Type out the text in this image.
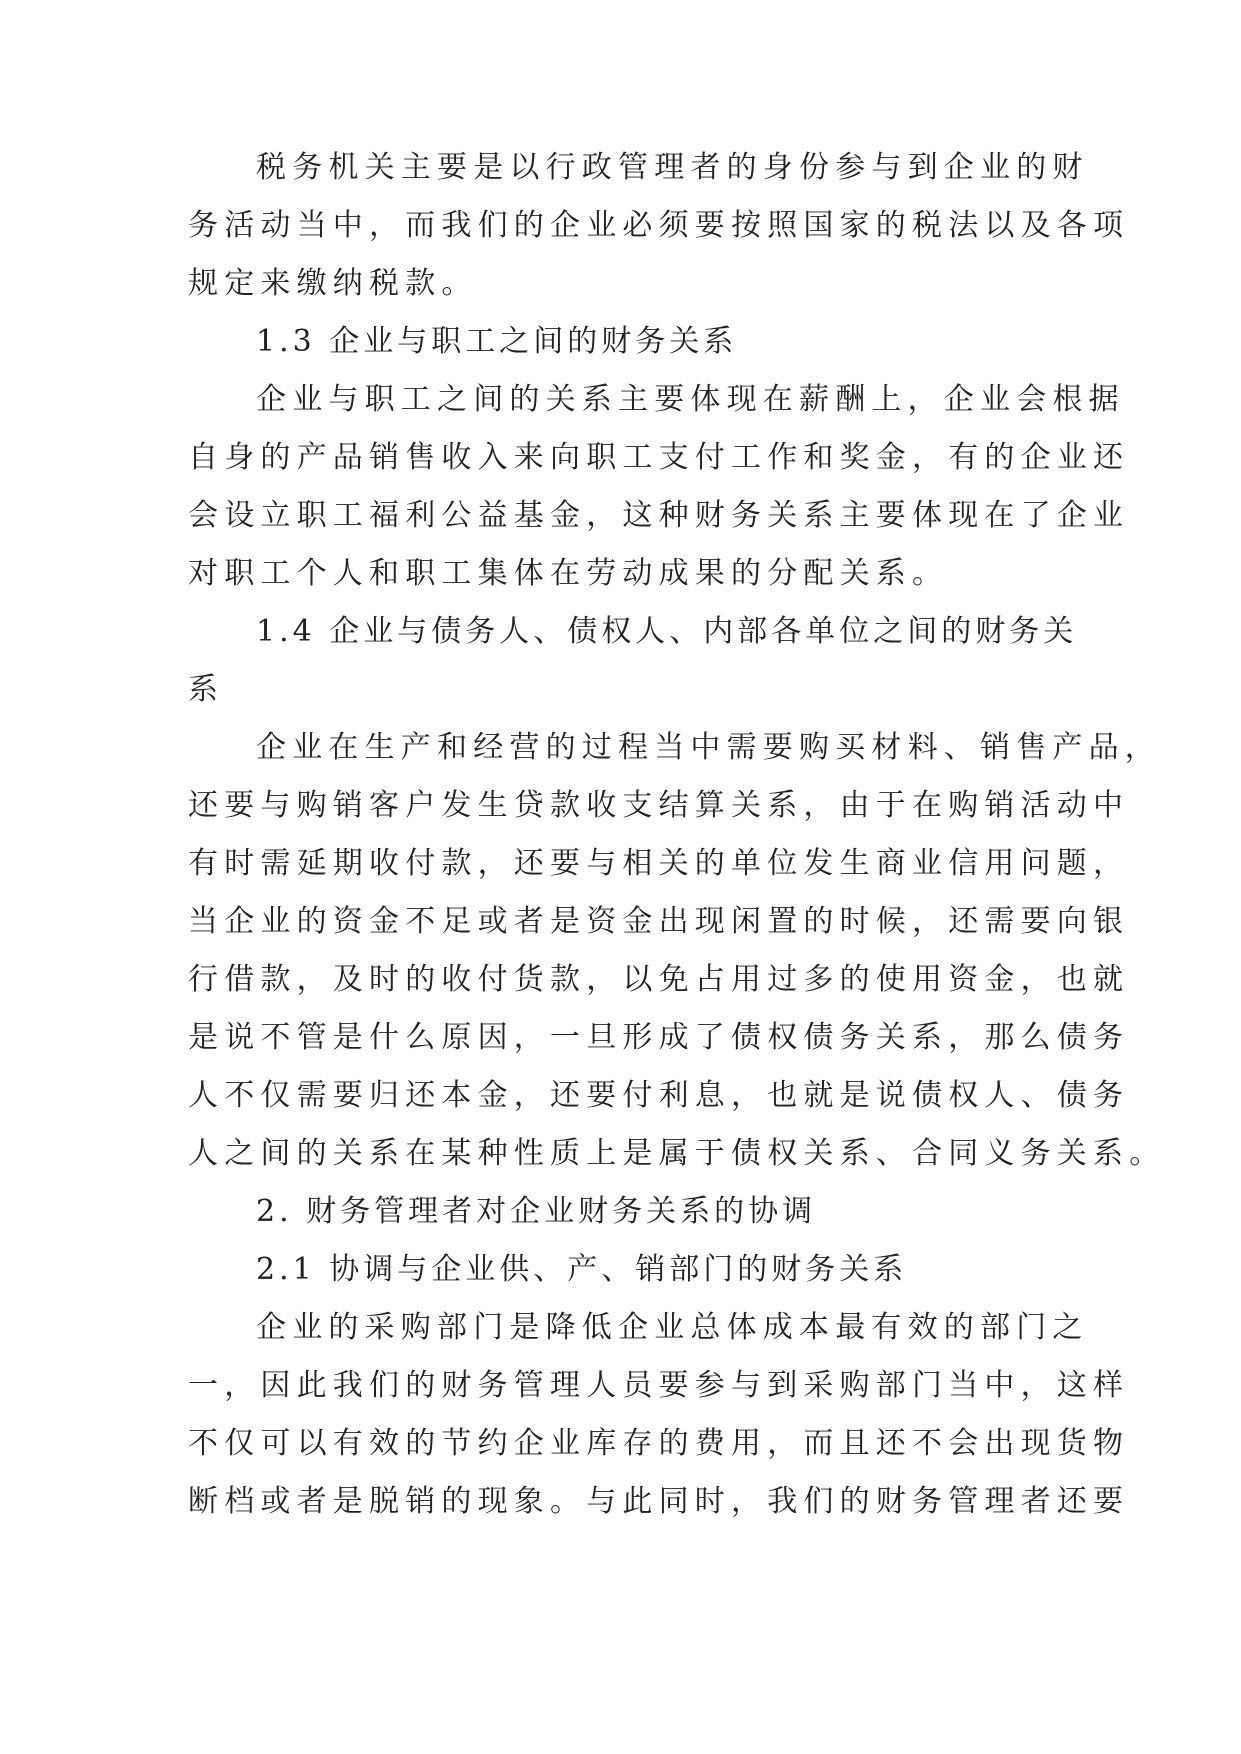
税务机关主要是以行政管理者的身份参与到企业的财

务活动当中，而我们的企业必须要按照国家的税法以及各项

规定来缴纳税款。

1.3 企业与职工之间的财务关系

企业与职工之间的关系主要体现在薪酬上，企业会根据

自身的产品销售收入来向职工支付工作和奖金，有的企业还

会设立职工福利公益基金，这种财务关系主要体现在了企业

对职工个人和职工集体在劳动成果的分配关系。

1.4 企业与债务人、债权人、内部各单位之间的财务关

系

企业在生产和经营的过程当中需要购买材料、销售产品，

还要与购销客户发生贷款收支结算关系，由于在购销活动中

有时需延期收付款，还要与相关的单位发生商业信用问题，

当企业的资金不足或者是资金出现闲置的时候，还需要向银

行借款，及时的收付货款，以免占用过多的使用资金，也就

是说不管是什么原因，一旦形成了债权债务关系，那么债务

人不仅需要归还本金，还要付利息，也就是说债权人、债务

人之间的关系在某种性质上是属于债权关系、合同义务关系。

2. 财务管理者对企业财务关系的协调

2.1 协调与企业供、产、销部门的财务关系

企业的采购部门是降低企业总体成本最有效的部门之

一，因此我们的财务管理人员要参与到采购部门当中，这样

不仅可以有效的节约企业库存的费用，而且还不会出现货物

断档或者是脱销的现象。与此同时，我们的财务管理者还要
